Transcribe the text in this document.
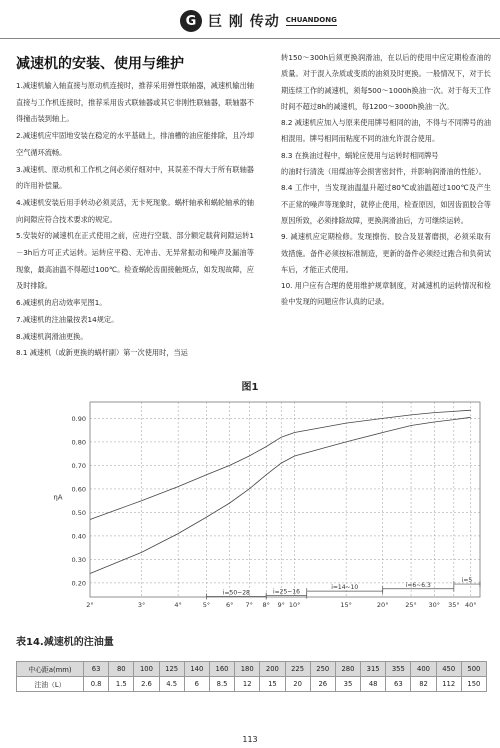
G 巨 刚 传动 CHUANDONG
减速机的安装、使用与维护

1.减速机输入轴直接与原动机连接时，推荐采用弹性联轴器，减速机输出轴直接与工作机连接时，推荐采用齿式联轴器或其它非刚性联轴器，联轴器不得撞击装到轴上。

2.减速机应牢固地安装在稳定的水平基础上，排油槽的油应能排除，且冷却空气循环流畅。

3.减速机、原动机和工作机之间必须仔细对中，其误差不得大于所有联轴器的许用补偿量。

4.减速机安装后用手转动必须灵活，无卡死现象。蜗杆轴承和蜗轮轴承的轴向间隙应符合技术要求的规定。

5.安装好的减速机在正式使用之前，应进行空载、部分额定载荷间隙运转1－3h后方可正式运转。运转应平稳、无冲击、无异常振动和噪声及漏油等现象，最高油温不得超过100℃。检查蜗轮齿面接触斑点，如发现故障，应及时排除。

6.减速机的启动效率见图1。

7.减速机的注油量按表14规定。

8.减速机润滑油更换。

8.1 减速机（或新更换的蜗杆副）第一次使用时，当运

转150～300h后须更换润滑油，在以后的使用中应定期检查油的质量。对于混入杂质或变质的油须及时更换。一般情况下，对于长期连续工作的减速机，须每500～1000h换油一次。对于每天工作时间不超过8h的减速机，每1200～3000h换油一次。

8.2 减速机应加入与原来使用牌号相同的油，不得与不同牌号的油相混用。牌号相同而粘度不同的油允许混合使用。

8.3 在换油过程中，蜗轮应使用与运转时相同牌号

的油时行清洗（用煤油等会损害密封件，并影响润滑油的性能）。

8.4 工作中，当发现油温温升超过80℃或油温超过100℃及产生不正常的噪声等现象时，就停止使用，检查原因，如因齿面胶合等原因所致，必须排除故障，更换润滑油后，方可继续运转。

9. 减速机应定期检修。发现擦伤、胶合及显著磨损，必须采取有效措施。备件必须按标准制造，更新的备件必须经过跑合和负荷试车后，才能正式使用。

10. 用户应有合理的使用维护规章制度，对减速机的运转情况和检验中发现的问题应作认真的记录。

图1
0.20
0.30
0.40
0.50
0.60
0.70
0.80
0.90
2°	3°	4°	5° 6° 7° 8° 9° 10°	15°	20°	25° 30° 35° 40°
ηA
i=5
i=6~6.3
i=14~10
i=25~16
i=50~28
表14.减速机的注油量
中心距a(mm)	63	80	100	125	140	160	180	200	225	250	280	315	355	400	450	500
注油（L）	0.8	1.5	2.6	4.5	6	8.5	12	15	20	26	35	48	63	82	112	150
113
